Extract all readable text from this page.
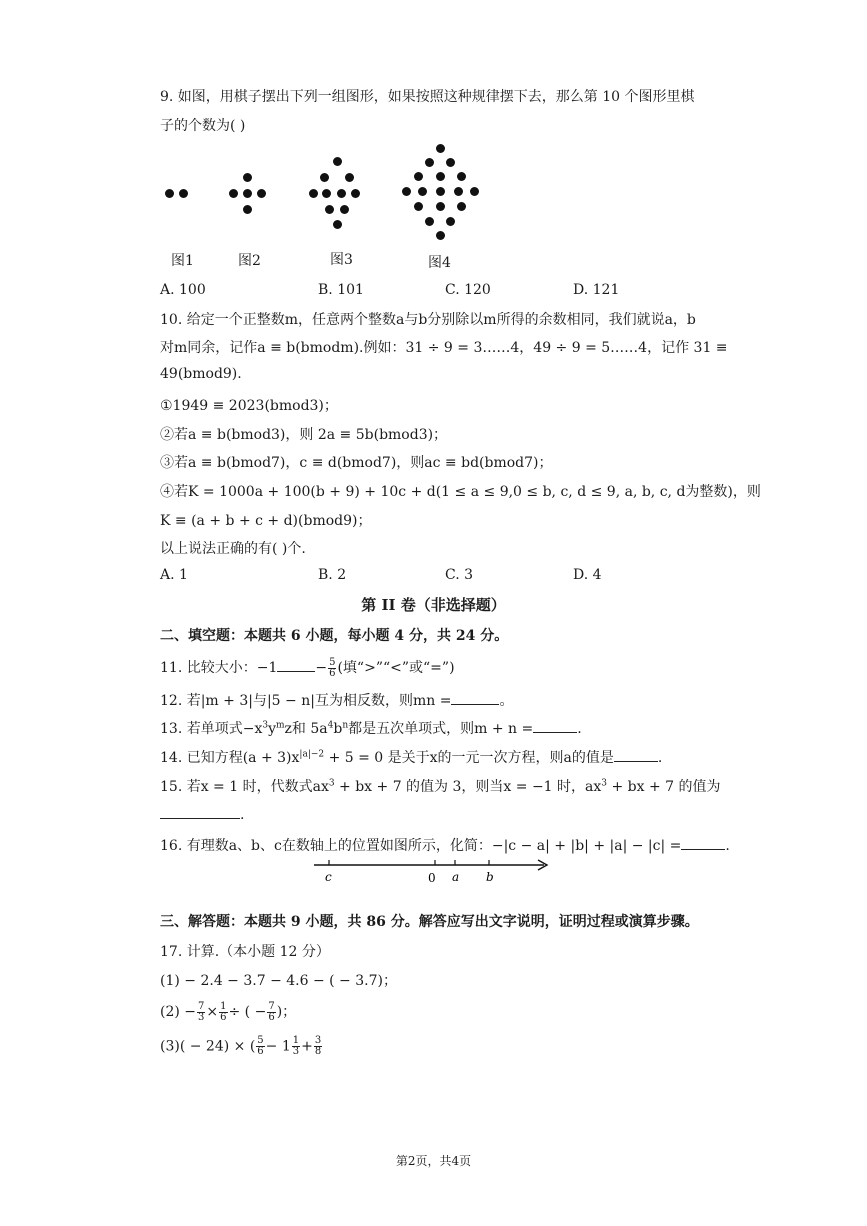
9. 如图，用棋子摆出下列一组图形，如果按照这种规律摆下去，那么第 10 个图形里棋
子的个数为( )
图1	图2	图3	图4
A. 100	B. 101	C. 120	D. 121
10. 给定一个正整数m，任意两个整数a与b分别除以m所得的余数相同，我们就说a，b
对m同余，记作a ≡ b(bmodm).例如：31 ÷ 9 = 3……4，49 ÷ 9 = 5……4，记作 31 ≡
49(bmod9).
①1949 ≡ 2023(bmod3)；
②若a ≡ b(bmod3)，则 2a ≡ 5b(bmod3)；
③若a ≡ b(bmod7)，c ≡ d(bmod7)，则ac ≡ bd(bmod7)；
④若K = 1000a + 100(b + 9) + 10c + d(1 ≤ a ≤ 9,0 ≤ b, c, d ≤ 9, a, b, c, d为整数)，则
K ≡ (a + b + c + d)(bmod9)；
以上说法正确的有( )个.
A. 1	B. 2	C. 3	D. 4
第 II 卷（非选择题）
二、填空题：本题共 6 小题，每小题 4 分，共 24 分。
11. 比较大小：−1	− $\frac{5}{6}$ (填“>”“<”或“=”)
12. 若|m + 3|与|5 − n|互为相反数，则mn =	。
13. 若单项式$-x^3y^mz$和 $5a^4b^n$都是五次单项式，则m + n =	.
14. 已知方程$(a + 3)x^{|a|-2} + 5 = 0$ 是关于x的一元一次方程，则a的值是	.
15. 若x = 1 时，代数式$ax^3$ + bx + 7 的值为 3，则当x = −1 时，$ax^3$ + bx + 7 的值为
.
16. 有理数a、b、c在数轴上的位置如图所示，化简：−|c − a| + |b| + |a| − |c| =	.
c	0 a b
三、解答题：本题共 9 小题，共 86 分。解答应写出文字说明，证明过程或演算步骤。
17. 计算.（本小题 12 分）
(1) − 2.4 − 3.7 − 4.6 − ( − 3.7)；
$(2) - \frac{7}{3} \times \frac{1}{6}$ ÷ ( − $\frac{7}{6}$ )；
(3)( − 24) × ( $\frac{5}{6} - 1 \frac{1}{3} + \frac{3}{8}$
第2页，共4页
